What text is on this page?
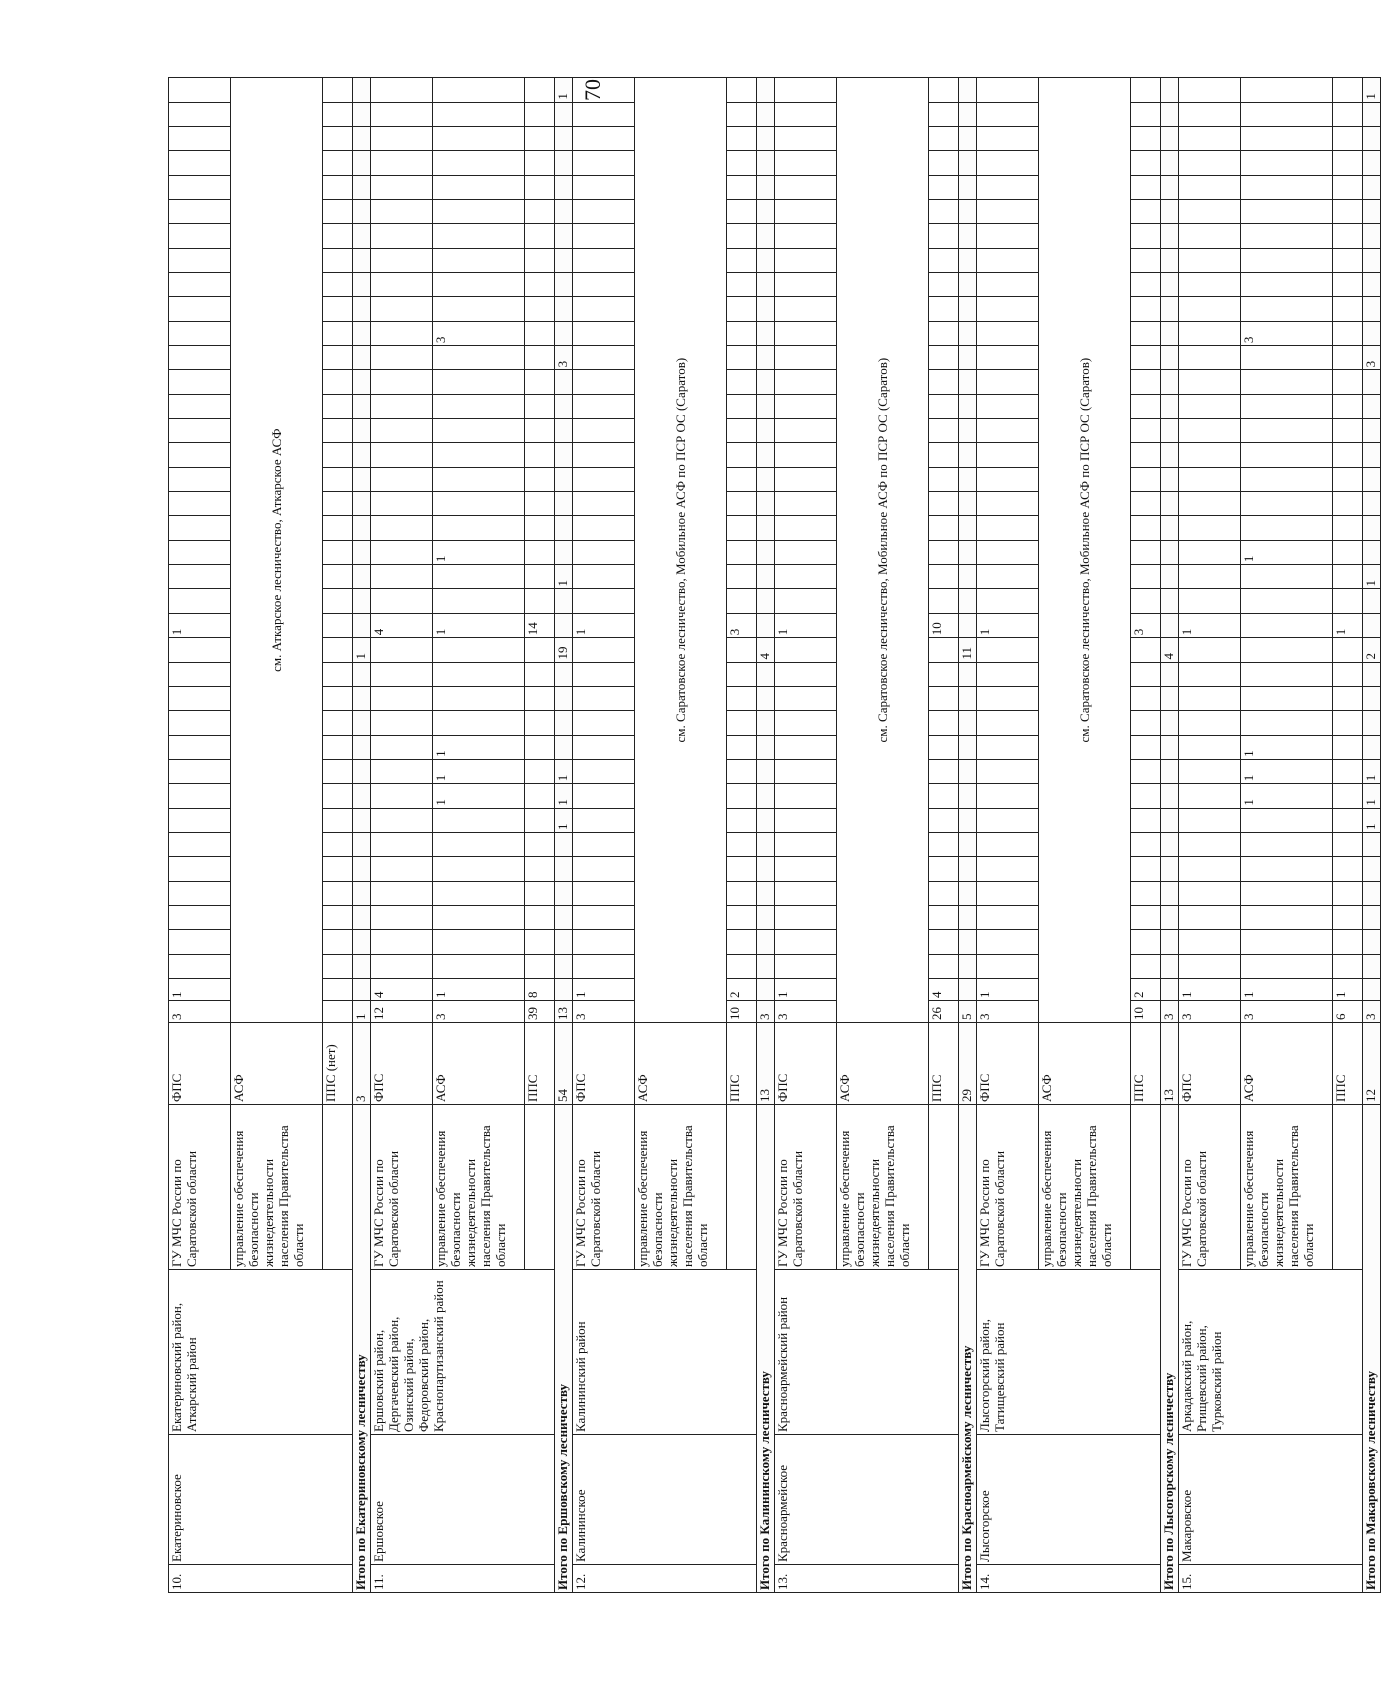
70
10.	Екатериновское	Екатериновский район, Аткарский район	ГУ МЧС России по Саратовской области	ФПС	3	1															1																							
			управление обеспечения безопасности жизнедеятельности населения Правительства области	АСФ	см. Аткарское лесничество, Аткарское АСФ																																							
				ППС (нет)																																								
Итого по Екатериновскому лесничеству				3	1															1																								
11.	Ершовское	Ершовский район, Дергачевский район, Озинский район, Федоровский район, Краснопартизанский район	ГУ МЧС России по Саратовской области	ФПС	12	4															4																							
			управление обеспечения безопасности жизнедеятельности населения Правительства области	АСФ	3	1								1	1	1					1			1									3											
				ППС	39	8															14																							
Итого по Ершовскому лесничеству				54	13								1	1	1					19			1									3											1	
12.	Калининское	Калининский район	ГУ МЧС России по Саратовской области	ФПС	3	1															1																							
			управление обеспечения безопасности жизнедеятельности населения Правительства области	АСФ	см. Саратовское лесничество, Мобильное АСФ по ПСР ОС (Саратов)																																							
				ППС	10	2															3																							
Итого по Калининскому лесничеству				13	3															4																								
13.	Красноармейское	Красноармейский район	ГУ МЧС России по Саратовской области	ФПС	3	1															1																							
			управление обеспечения безопасности жизнедеятельности населения Правительства области	АСФ	см. Саратовское лесничество, Мобильное АСФ по ПСР ОС (Саратов)																																							
				ППС	26	4															10																							
Итого по Красноармейскому лесничеству				29	5															11																								
14.	Лысогорское	Лысогорский район, Татищевский район	ГУ МЧС России по Саратовской области	ФПС	3	1															1																							
			управление обеспечения безопасности жизнедеятельности населения Правительства области	АСФ	см. Саратовское лесничество, Мобильное АСФ по ПСР ОС (Саратов)																																							
				ППС	10	2															3																							
Итого по Лысогорскому лесничеству				13	3															4																								
15.	Макаровское	Аркадакский район, Ртищевский район, Турковский район	ГУ МЧС России по Саратовской области	ФПС	3	1															1																							
			управление обеспечения безопасности жизнедеятельности населения Правительства области	АСФ	3	1								1	1	1								1									3											
				ППС	6	1															1																							
Итого по Макаровскому лесничеству				12	3								1	1	1					2			1									3											1	
